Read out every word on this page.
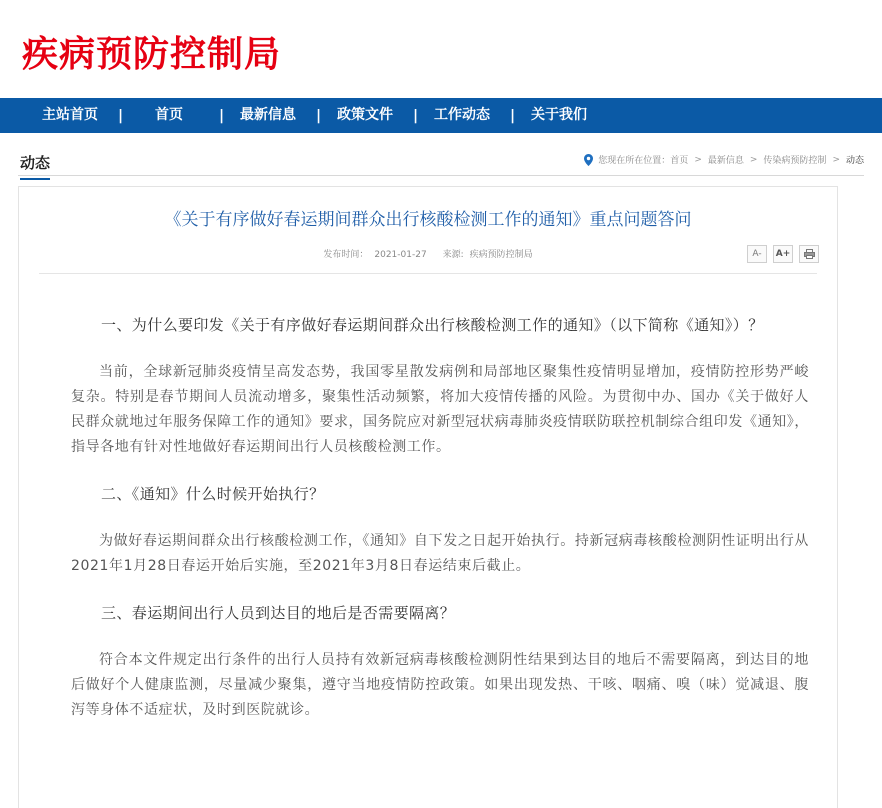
疾病预防控制局
主站首页	|	首页	|	最新信息	|	政策文件	|	工作动态	|	关于我们
动态	您现在所在位置： 首页 > 最新信息 > 传染病预防控制 > 动态
《关于有序做好春运期间群众出行核酸检测工作的通知》重点问题答问
发布时间： 2021-01-27 来源: 疾病预防控制局	A-	A+
一、为什么要印发《关于有序做好春运期间群众出行核酸检测工作的通知》（以下简称《通知》）？
当前，全球新冠肺炎疫情呈高发态势，我国零星散发病例和局部地区聚集性疫情明显增加，疫情防控形势严峻复杂。特别是春节期间人员流动增多，聚集性活动频繁，将加大疫情传播的风险。为贯彻中办、国办《关于做好人民群众就地过年服务保障工作的通知》要求，国务院应对新型冠状病毒肺炎疫情联防联控机制综合组印发《通知》，指导各地有针对性地做好春运期间出行人员核酸检测工作。
二、《通知》什么时候开始执行？
为做好春运期间群众出行核酸检测工作，《通知》自下发之日起开始执行。持新冠病毒核酸检测阴性证明出行从2021年1月28日春运开始后实施，至2021年3月8日春运结束后截止。
三、春运期间出行人员到达目的地后是否需要隔离？
符合本文件规定出行条件的出行人员持有效新冠病毒核酸检测阴性结果到达目的地后不需要隔离，到达目的地后做好个人健康监测，尽量减少聚集，遵守当地疫情防控政策。如果出现发热、干咳、咽痛、嗅（味）觉减退、腹泻等身体不适症状，及时到医院就诊。
